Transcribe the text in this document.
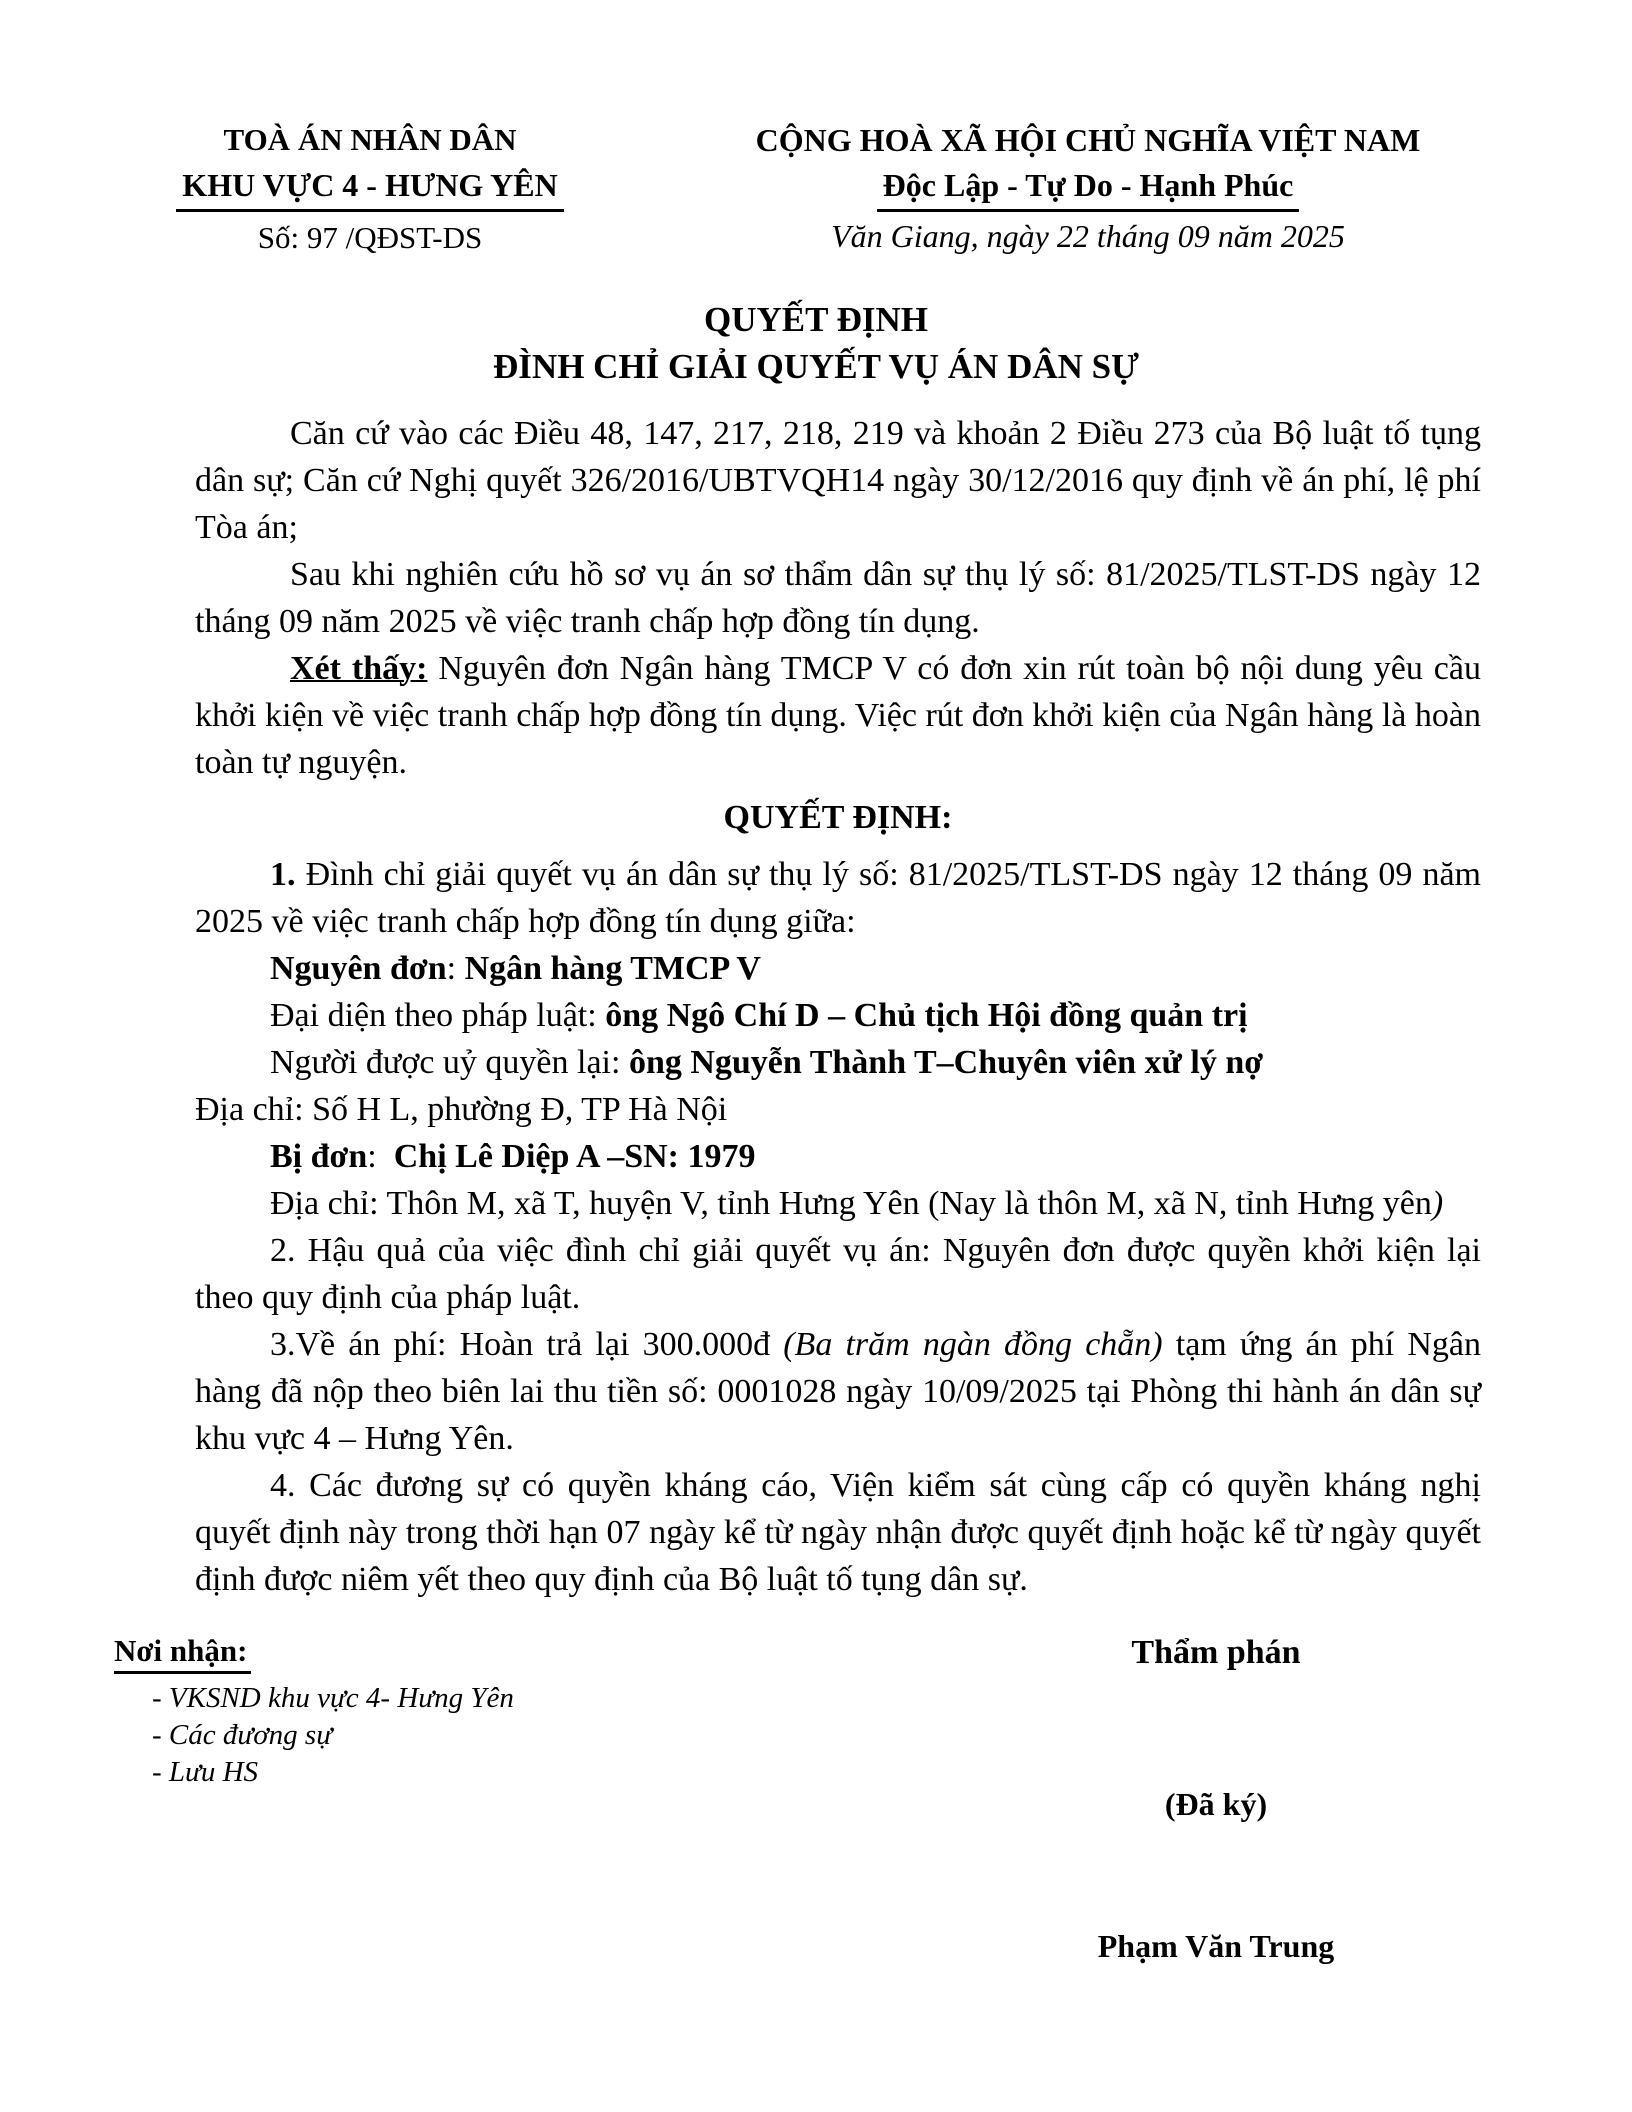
TOÀ ÁN NHÂN DÂN
KHU VỰC 4 - HƯNG YÊN
Số: 97 /QĐST-DS
CỘNG HOÀ XÃ HỘI CHỦ NGHĨA VIỆT NAM
Độc Lập - Tự Do - Hạnh Phúc
Văn Giang, ngày 22 tháng 09 năm 2025
QUYẾT ĐỊNH
ĐÌNH CHỈ GIẢI QUYẾT VỤ ÁN DÂN SỰ

Căn cứ vào các Điều 48, 147, 217, 218, 219 và khoản 2 Điều 273 của Bộ luật tố tụng dân sự; Căn cứ Nghị quyết 326/2016/UBTVQH14 ngày 30/12/2016 quy định về án phí, lệ phí Tòa án;

Sau khi nghiên cứu hồ sơ vụ án sơ thẩm dân sự thụ lý số: 81/2025/TLST-DS ngày 12 tháng 09 năm 2025 về việc tranh chấp hợp đồng tín dụng.

Xét thấy: Nguyên đơn Ngân hàng TMCP V có đơn xin rút toàn bộ nội dung yêu cầu khởi kiện về việc tranh chấp hợp đồng tín dụng. Việc rút đơn khởi kiện của Ngân hàng là hoàn toàn tự nguyện.

QUYẾT ĐỊNH:

1. Đình chỉ giải quyết vụ án dân sự thụ lý số: 81/2025/TLST-DS ngày 12 tháng 09 năm 2025 về việc tranh chấp hợp đồng tín dụng giữa:

Nguyên đơn: Ngân hàng TMCP V

Đại diện theo pháp luật: ông Ngô Chí D – Chủ tịch Hội đồng quản trị

Người được uỷ quyền lại: ông Nguyễn Thành T–Chuyên viên xử lý nợ

Địa chỉ: Số H L, phường Đ, TP Hà Nội

Bị đơn:  Chị Lê Diệp A –SN: 1979

Địa chỉ: Thôn M, xã T, huyện V, tỉnh Hưng Yên (Nay là thôn M, xã N, tỉnh Hưng yên)

2. Hậu quả của việc đình chỉ giải quyết vụ án: Nguyên đơn được quyền khởi kiện lại theo quy định của pháp luật.

3.Về án phí: Hoàn trả lại 300.000đ (Ba trăm ngàn đồng chẵn) tạm ứng án phí Ngân hàng đã nộp theo biên lai thu tiền số: 0001028 ngày 10/09/2025 tại Phòng thi hành án dân sự khu vực 4 – Hưng Yên.

4. Các đương sự có quyền kháng cáo, Viện kiểm sát cùng cấp có quyền kháng nghị quyết định này trong thời hạn 07 ngày kể từ ngày nhận được quyết định hoặc kể từ ngày quyết định được niêm yết theo quy định của Bộ luật tố tụng dân sự.

Nơi nhận:
- VKSND khu vực 4- Hưng Yên
- Các đương sự
- Lưu HS
Thẩm phán
(Đã ký)
Phạm Văn Trung
